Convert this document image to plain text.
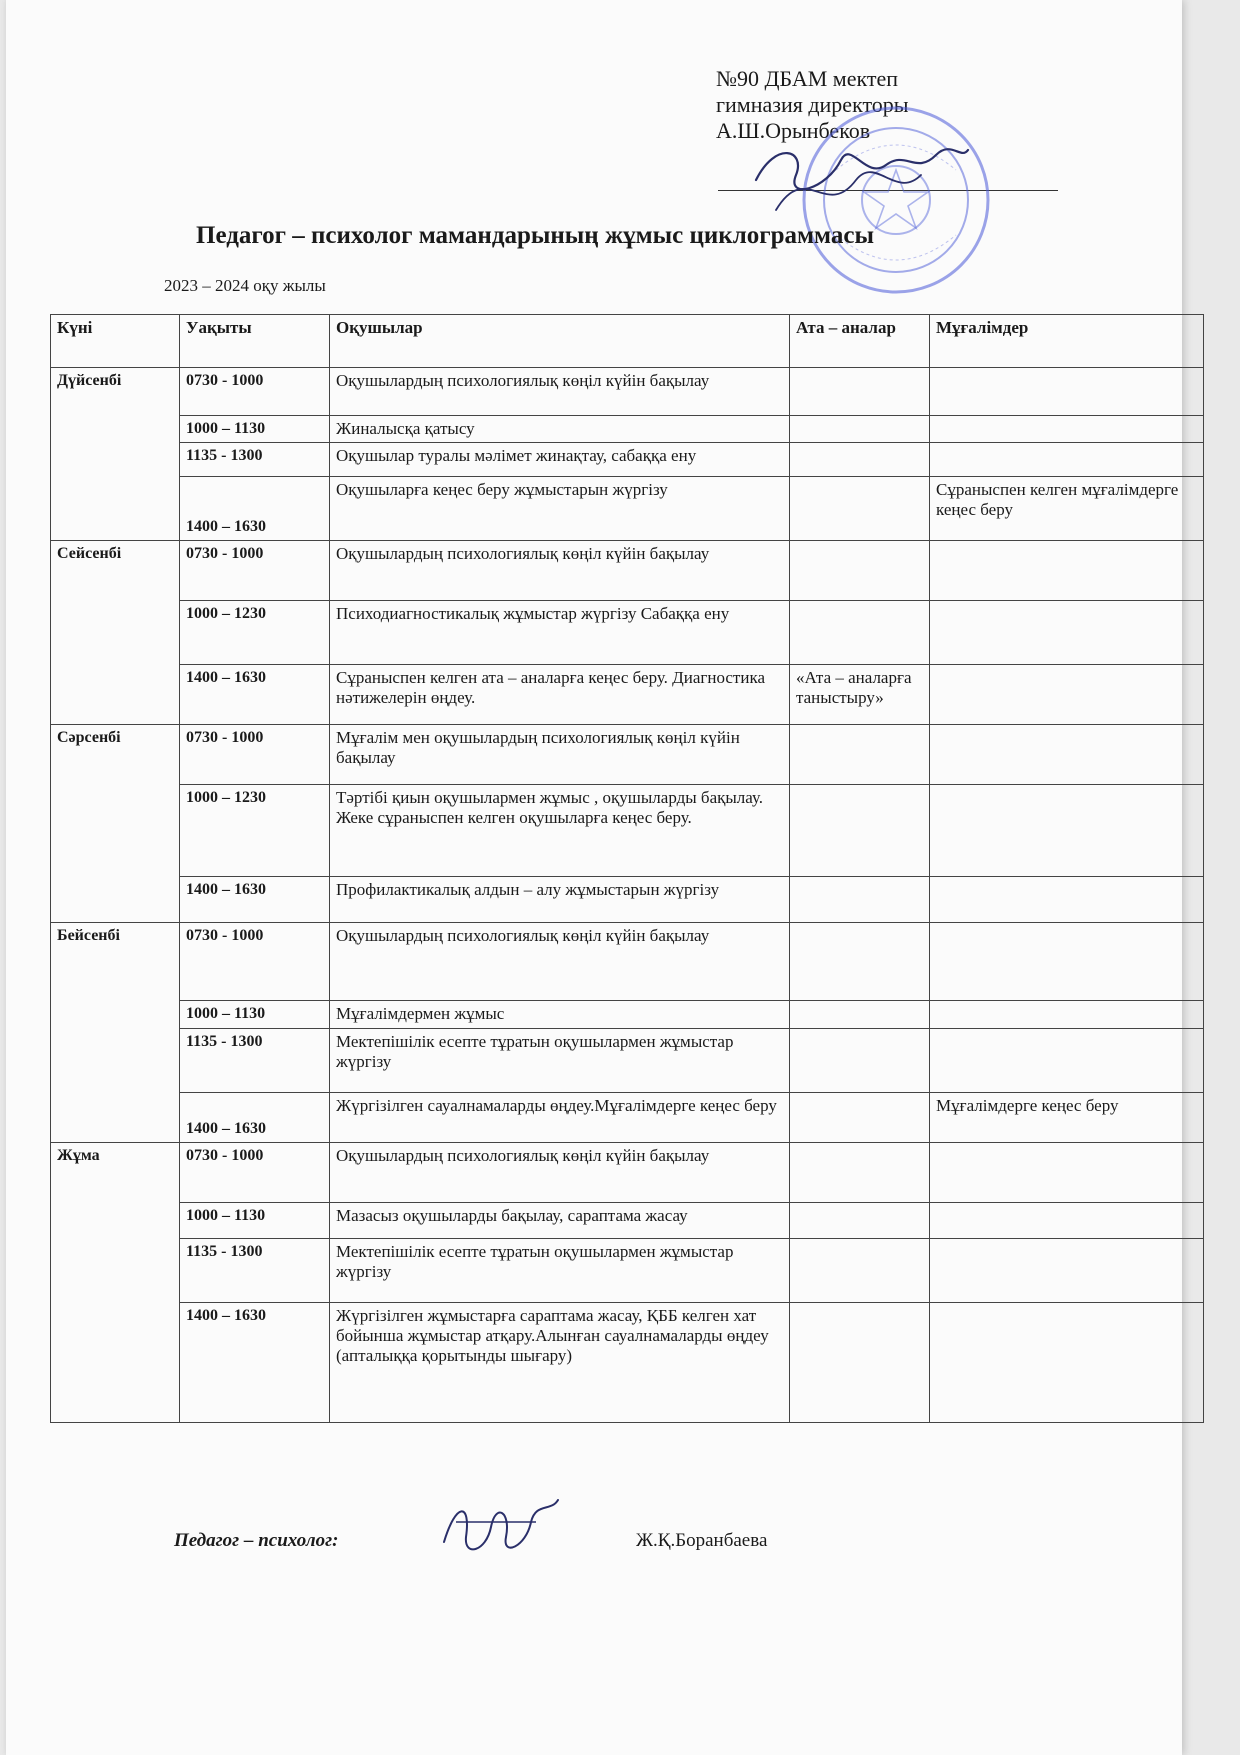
№90 ДБАМ мектеп
гимназия директоры
А.Ш.Орынбеков
Педагог – психолог мамандарының жұмыс циклограммасы
2023 – 2024 оқу жылы
Күні	Уақыты	Оқушылар	Ата – аналар	Мұғалімдер
Дүйсенбі	0730 - 1000	Оқушылардың психологиялық көңіл күйін бақылау		
	1000 – 1130	Жиналысқа қатысу		
	1135 - 1300	Оқушылар туралы мәлімет жинақтау, сабаққа ену		
	1400 – 1630	Оқушыларға кеңес беру жұмыстарын жүргізу		Сұраныспен келген мұғалімдерге кеңес беру
Сейсенбі	0730 - 1000	Оқушылардың психологиялық көңіл күйін бақылау		
	1000 – 1230	Психодиагностикалық жұмыстар жүргізу Сабаққа ену		
	1400 – 1630	Сұраныспен келген ата – аналарға кеңес беру. Диагностика нәтижелерін өңдеу.	«Ата – аналарға таныстыру»	
Сәрсенбі	0730 - 1000	Мұғалім мен оқушылардың психологиялық көңіл күйін бақылау		
	1000 – 1230	Тәртібі қиын оқушылармен жұмыс , оқушыларды бақылау. Жеке сұраныспен келген оқушыларға кеңес беру.		
	1400 – 1630	Профилактикалық алдын – алу жұмыстарын жүргізу		
Бейсенбі	0730 - 1000	Оқушылардың психологиялық көңіл күйін бақылау		
	1000 – 1130	Мұғалімдермен жұмыс		
	1135 - 1300	Мектепішілік есепте тұратын оқушылармен жұмыстар жүргізу		
	1400 – 1630	Жүргізілген сауалнамаларды өңдеу.Мұғалімдерге кеңес беру		Мұғалімдерге кеңес беру
Жұма	0730 - 1000	Оқушылардың психологиялық көңіл күйін бақылау		
	1000 – 1130	Мазасыз оқушыларды бақылау, сараптама жасау		
	1135 - 1300	Мектепішілік есепте тұратын оқушылармен жұмыстар жүргізу		
	1400 – 1630	Жүргізілген жұмыстарға сараптама жасау, ҚББ келген хат бойынша жұмыстар атқару.Алынған сауалнамаларды өңдеу (апталыққа қорытынды шығару)		
Педагог – психолог:	Ж.Қ.Боранбаева
